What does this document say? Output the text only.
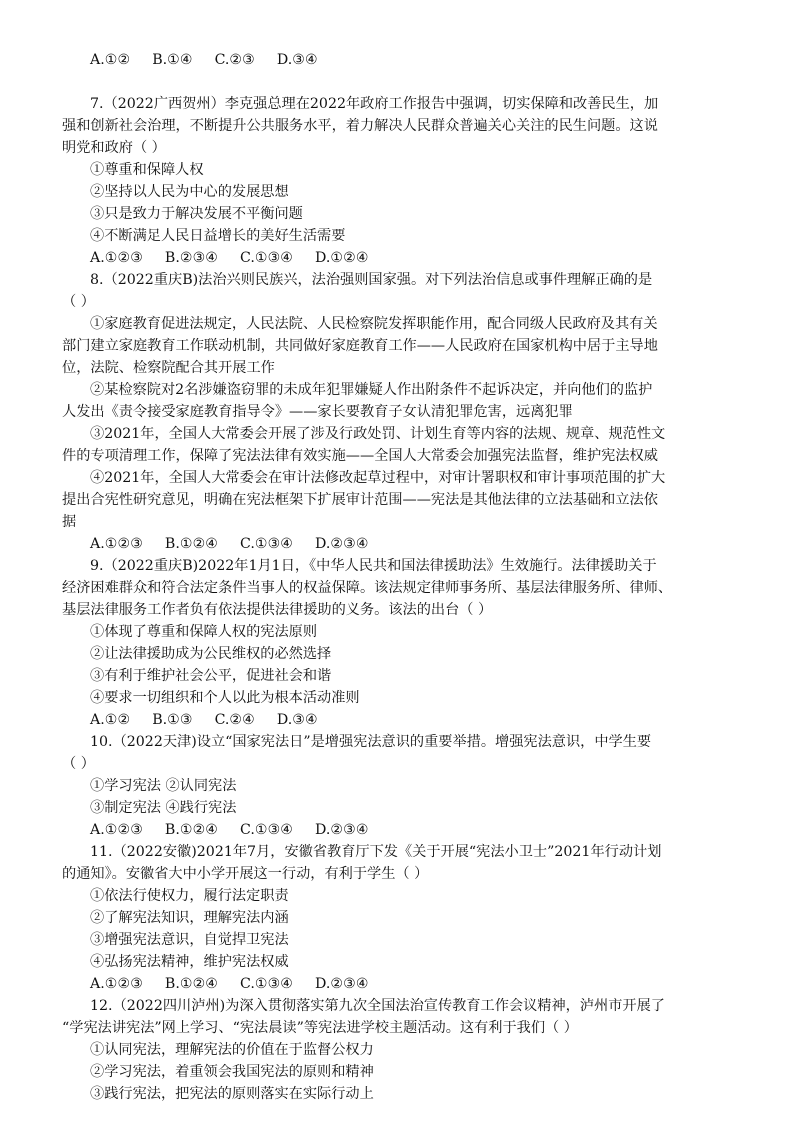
A.①② B.①④ C.②③ D.③④
7.（2022广西贺州）李克强总理在2022年政府工作报告中强调，切实保障和改善民生，加
强和创新社会治理，不断提升公共服务水平，着力解决人民群众普遍关心关注的民生问题。这说
明党和政府（ ）
①尊重和保障人权
②坚持以人民为中心的发展思想
③只是致力于解决发展不平衡问题
④不断满足人民日益增长的美好生活需要
A.①②③ B.②③④ C.①③④ D.①②④
8.（2022重庆B)法治兴则民族兴，法治强则国家强。对下列法治信息或事件理解正确的是
（ ）
①家庭教育促进法规定，人民法院、人民检察院发挥职能作用，配合同级人民政府及其有关
部门建立家庭教育工作联动机制，共同做好家庭教育工作——人民政府在国家机构中居于主导地
位，法院、检察院配合其开展工作
②某检察院对2名涉嫌盗窃罪的未成年犯罪嫌疑人作出附条件不起诉决定，并向他们的监护
人发出《责令接受家庭教育指导令》——家长要教育子女认清犯罪危害，远离犯罪
③2021年，全国人大常委会开展了涉及行政处罚、计划生育等内容的法规、规章、规范性文
件的专项清理工作，保障了宪法法律有效实施——全国人大常委会加强宪法监督，维护宪法权威
④2021年，全国人大常委会在审计法修改起草过程中，对审计署职权和审计事项范围的扩大
提出合宪性研究意见，明确在宪法框架下扩展审计范围——宪法是其他法律的立法基础和立法依
据
A.①②③ B.①②④ C.①③④ D.②③④
9.（2022重庆B)2022年1月1日，《中华人民共和国法律援助法》生效施行。法律援助关于
经济困难群众和符合法定条件当事人的权益保障。该法规定律师事务所、基层法律服务所、律师、
基层法律服务工作者负有依法提供法律援助的义务。该法的出台（ ）
①体现了尊重和保障人权的宪法原则
②让法律援助成为公民维权的必然选择
③有利于维护社会公平，促进社会和谐
④要求一切组织和个人以此为根本活动准则
A.①② B.①③ C.②④ D.③④
10.（2022天津)设立“国家宪法日”是增强宪法意识的重要举措。增强宪法意识，中学生要
（ ）
①学习宪法 ②认同宪法
③制定宪法 ④践行宪法
A.①②③ B.①②④ C.①③④ D.②③④
11.（2022安徽)2021年7月，安徽省教育厅下发《关于开展“宪法小卫士”2021年行动计划
的通知》。安徽省大中小学开展这一行动，有利于学生（ ）
①依法行使权力，履行法定职责
②了解宪法知识，理解宪法内涵
③增强宪法意识，自觉捍卫宪法
④弘扬宪法精神，维护宪法权威
A.①②③ B.①②④ C.①③④ D.②③④
12.（2022四川泸州)为深入贯彻落实第九次全国法治宣传教育工作会议精神，泸州市开展了
“学宪法讲宪法”网上学习、“宪法晨读”等宪法进学校主题活动。这有利于我们（ ）
①认同宪法，理解宪法的价值在于监督公权力
②学习宪法，着重领会我国宪法的原则和精神
③践行宪法，把宪法的原则落实在实际行动上
